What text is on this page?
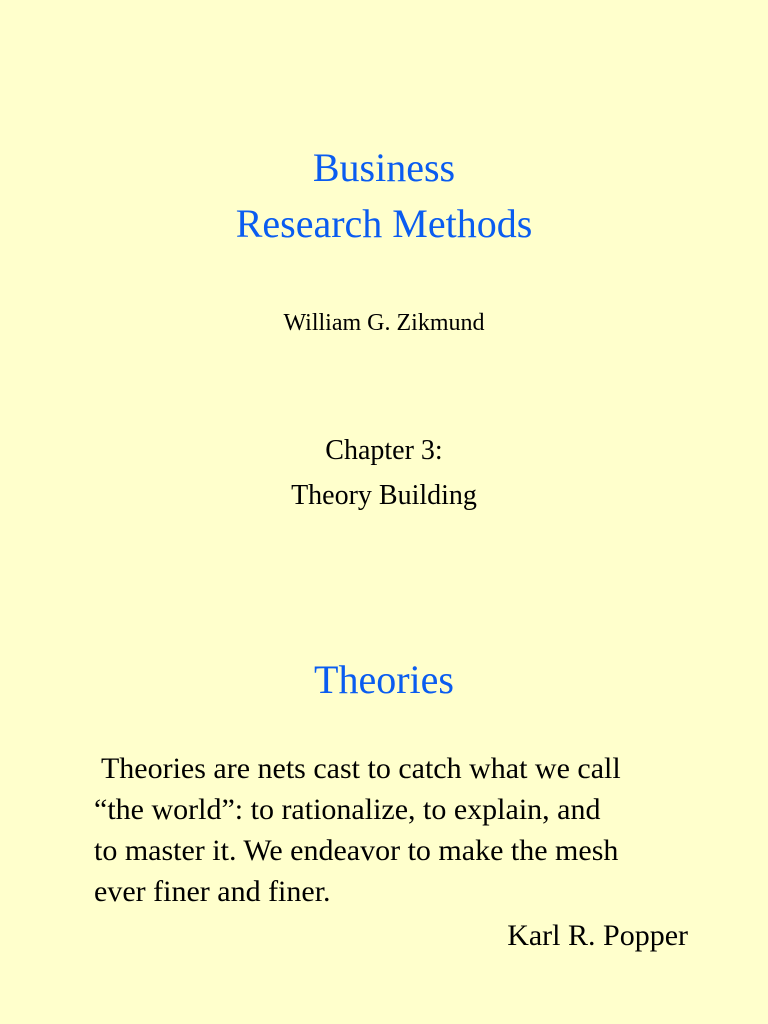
Business
Research Methods
William G. Zikmund
Chapter 3:
Theory Building
Theories
Theories are nets cast to catch what we call
“the world”: to rationalize, to explain, and
to master it. We endeavor to make the mesh
ever finer and finer.
Karl R. Popper
